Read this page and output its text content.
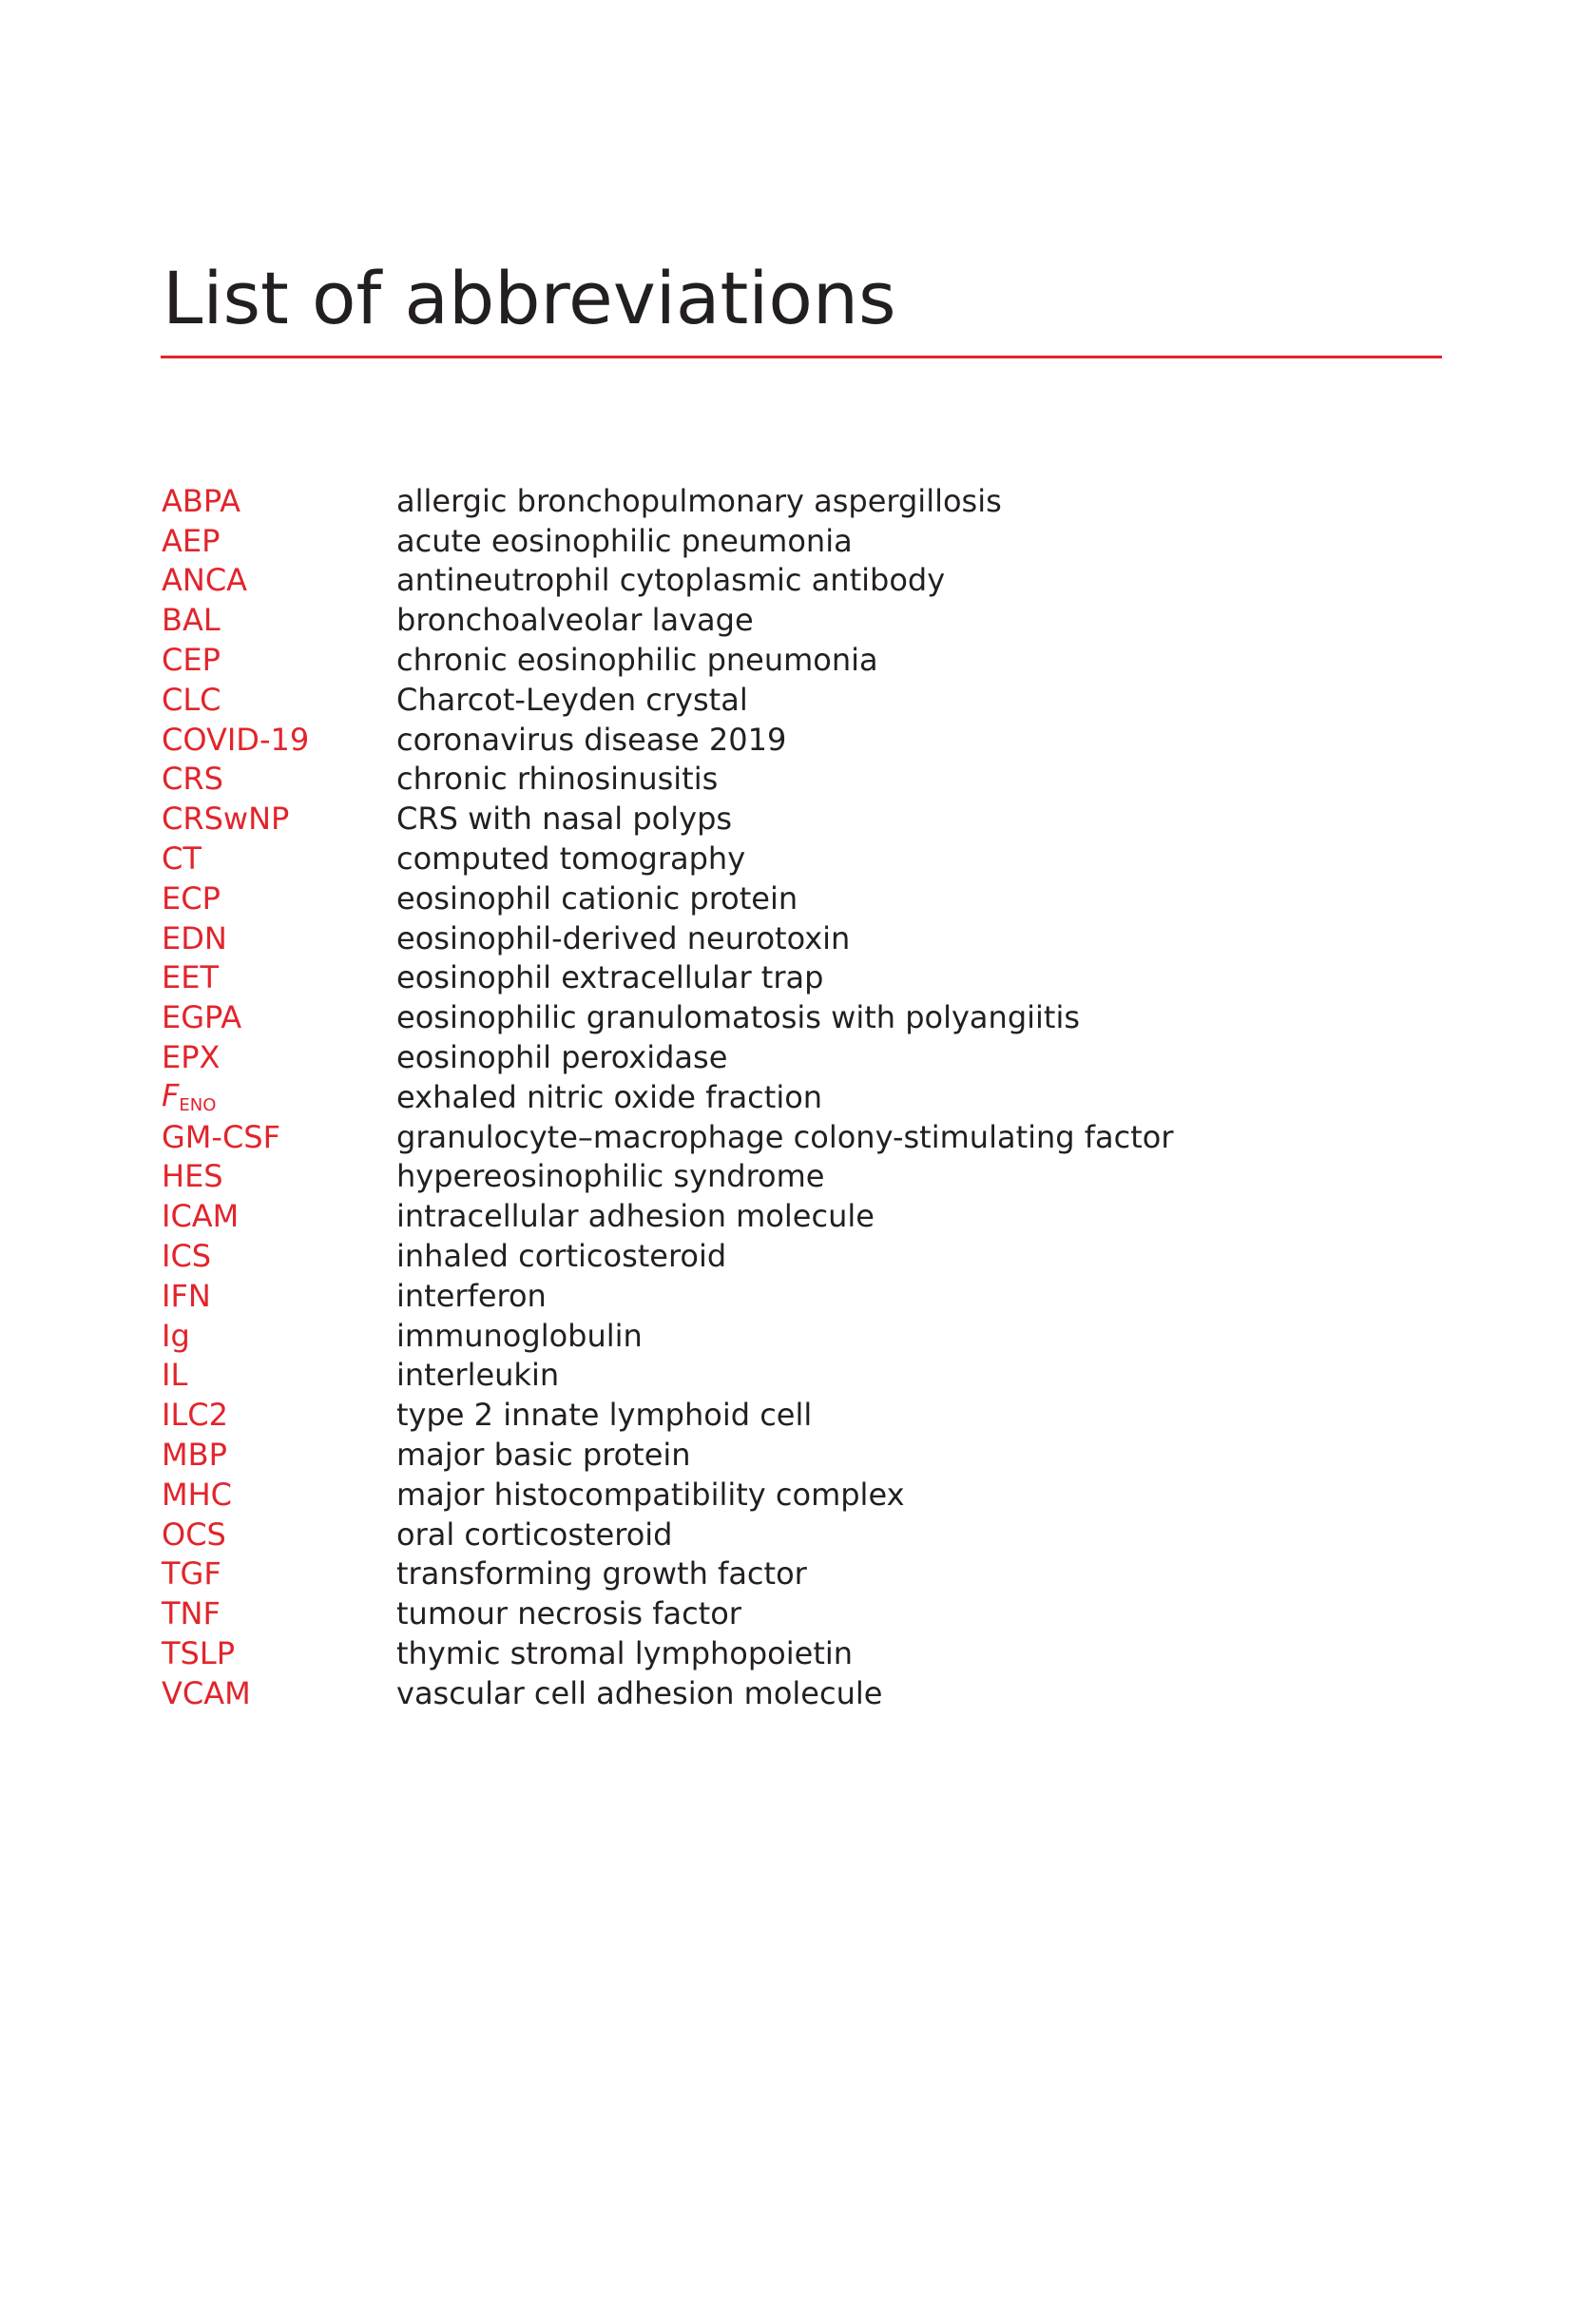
List of abbreviations
ABPA	allergic bronchopulmonary aspergillosis
AEP	acute eosinophilic pneumonia
ANCA	antineutrophil cytoplasmic antibody
BAL	bronchoalveolar lavage
CEP	chronic eosinophilic pneumonia
CLC	Charcot-Leyden crystal
COVID-19	coronavirus disease 2019
CRS	chronic rhinosinusitis
CRSwNP	CRS with nasal polyps
CT	computed tomography
ECP	eosinophil cationic protein
EDN	eosinophil-derived neurotoxin
EET	eosinophil extracellular trap
EGPA	eosinophilic granulomatosis with polyangiitis
EPX	eosinophil peroxidase
$F_{ENO}$	exhaled nitric oxide fraction
GM-CSF	granulocyte–macrophage colony-stimulating factor
HES	hypereosinophilic syndrome
ICAM	intracellular adhesion molecule
ICS	inhaled corticosteroid
IFN	interferon
Ig	immunoglobulin
IL	interleukin
ILC2	type 2 innate lymphoid cell
MBP	major basic protein
MHC	major histocompatibility complex
OCS	oral corticosteroid
TGF	transforming growth factor
TNF	tumour necrosis factor
TSLP	thymic stromal lymphopoietin
VCAM	vascular cell adhesion molecule
